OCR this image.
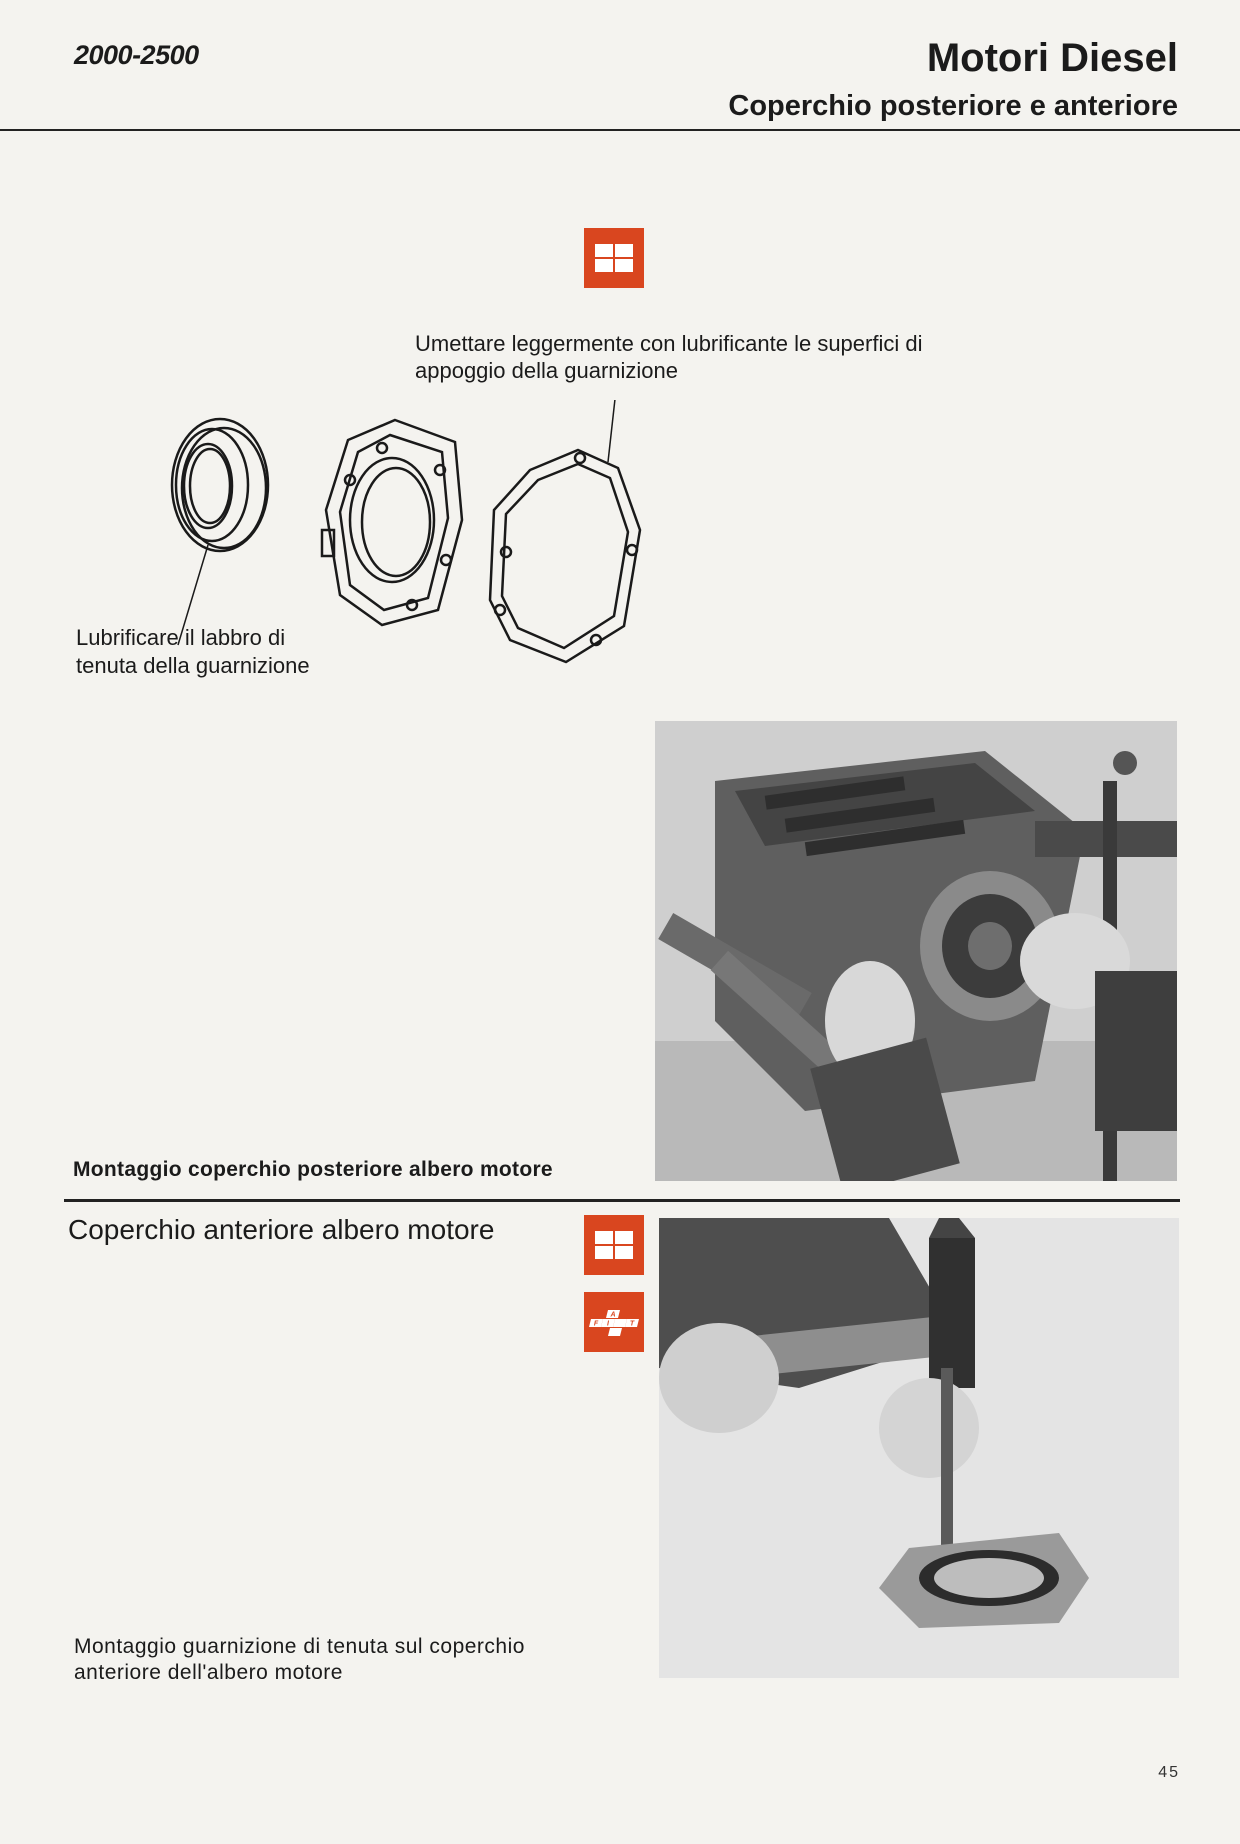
2000-2500	Motori Diesel
Coperchio posteriore e anteriore
Umettare leggermente con lubrificante le superfici di appoggio della guarnizione
Lubrificare il labbro di tenuta della guarnizione
Montaggio coperchio posteriore albero motore
Coperchio anteriore albero motore
F I
A
T
Montaggio guarnizione di tenuta sul coperchio anteriore dell'albero motore
45
